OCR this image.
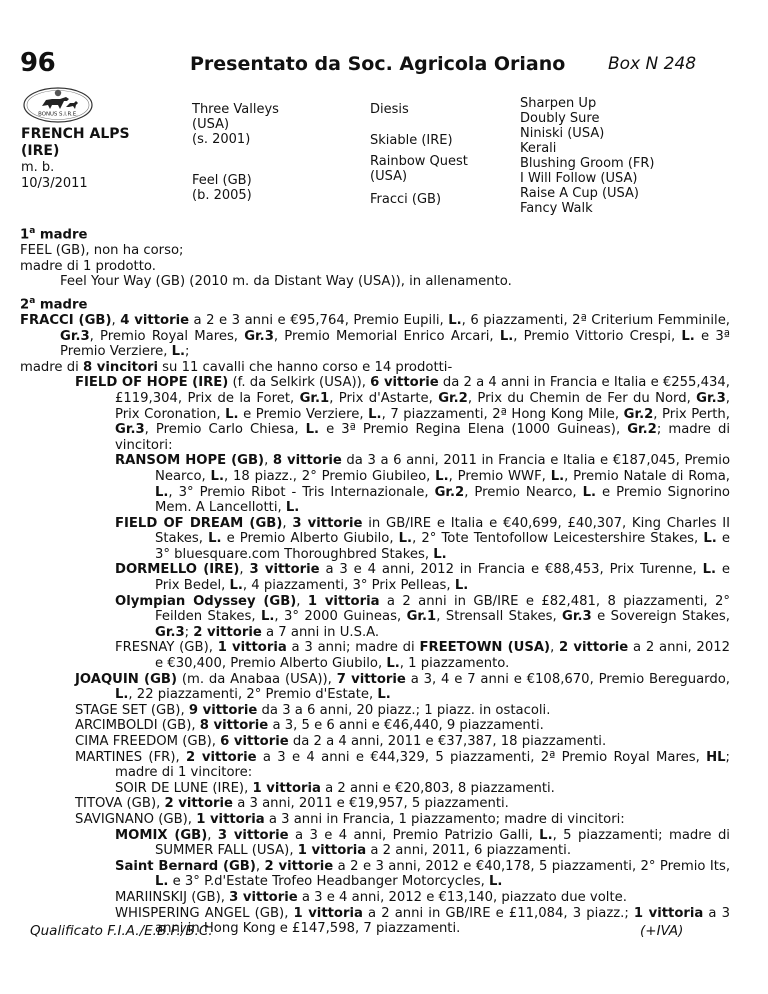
96	Presentato da Soc. Agricola Oriano	Box N 248
BONUS S.I.R.E.
FRENCH ALPS
(IRE)
m. b.
10/3/2011
Three Valleys
(USA)
(s. 2001)
Feel (GB)
(b. 2005)
Diesis
Skiable (IRE)
Rainbow Quest
(USA)
Fracci (GB)
Sharpen Up
Doubly Sure
Niniski (USA)
Kerali
Blushing Groom (FR)
I Will Follow (USA)
Raise A Cup (USA)
Fancy Walk
1$^a$ madre
FEEL (GB), non ha corso;
madre di 1 prodotto.
Feel Your Way (GB) (2010 m. da Distant Way (USA)), in allenamento.
2$^a$ madre
FRACCI (GB), 4 vittorie a 2 e 3 anni e €95,764, Premio Eupili, L., 6 piazzamenti, 2ª Criterium Femminile, Gr.3, Premio Royal Mares, Gr.3, Premio Memorial Enrico Arcari, L., Premio Vittorio Crespi, L. e 3ª Premio Verziere, L.;
madre di 8 vincitori su 11 cavalli che hanno corso e 14 prodotti-
FIELD OF HOPE (IRE) (f. da Selkirk (USA)), 6 vittorie da 2 a 4 anni in Francia e Italia e €255,434, £119,304, Prix de la Foret, Gr.1, Prix d'Astarte, Gr.2, Prix du Chemin de Fer du Nord, Gr.3, Prix Coronation, L. e Premio Verziere, L., 7 piazzamenti, 2ª Hong Kong Mile, Gr.2, Prix Perth, Gr.3, Premio Carlo Chiesa, L. e 3ª Premio Regina Elena (1000 Guineas), Gr.2; madre di vincitori:
RANSOM HOPE (GB), 8 vittorie da 3 a 6 anni, 2011 in Francia e Italia e €187,045, Premio Nearco, L., 18 piazz., 2° Premio Giubileo, L., Premio WWF, L., Premio Natale di Roma, L., 3° Premio Ribot - Tris Internazionale, Gr.2, Premio Nearco, L. e Premio Signorino Mem. A Lancellotti, L.
FIELD OF DREAM (GB), 3 vittorie in GB/IRE e Italia e €40,699, £40,307, King Charles II Stakes, L. e Premio Alberto Giubilo, L., 2° Tote Tentofollow Leicestershire Stakes, L. e 3° bluesquare.com Thoroughbred Stakes, L.
DORMELLO (IRE), 3 vittorie a 3 e 4 anni, 2012 in Francia e €88,453, Prix Turenne, L. e Prix Bedel, L., 4 piazzamenti, 3° Prix Pelleas, L.
Olympian Odyssey (GB), 1 vittoria a 2 anni in GB/IRE e £82,481, 8 piazzamenti, 2° Feilden Stakes, L., 3° 2000 Guineas, Gr.1, Strensall Stakes, Gr.3 e Sovereign Stakes, Gr.3; 2 vittorie a 7 anni in U.S.A.
FRESNAY (GB), 1 vittoria a 3 anni; madre di FREETOWN (USA), 2 vittorie a 2 anni, 2012 e €30,400, Premio Alberto Giubilo, L., 1 piazzamento.
JOAQUIN (GB) (m. da Anabaa (USA)), 7 vittorie a 3, 4 e 7 anni e €108,670, Premio Bereguardo, L., 22 piazzamenti, 2° Premio d'Estate, L.
STAGE SET (GB), 9 vittorie da 3 a 6 anni, 20 piazz.; 1 piazz. in ostacoli.
ARCIMBOLDI (GB), 8 vittorie a 3, 5 e 6 anni e €46,440, 9 piazzamenti.
CIMA FREEDOM (GB), 6 vittorie da 2 a 4 anni, 2011 e €37,387, 18 piazzamenti.
MARTINES (FR), 2 vittorie a 3 e 4 anni e €44,329, 5 piazzamenti, 2ª Premio Royal Mares, HL; madre di 1 vincitore:
SOIR DE LUNE (IRE), 1 vittoria a 2 anni e €20,803, 8 piazzamenti.
TITOVA (GB), 2 vittorie a 3 anni, 2011 e €19,957, 5 piazzamenti.
SAVIGNANO (GB), 1 vittoria a 3 anni in Francia, 1 piazzamento; madre di vincitori:
MOMIX (GB), 3 vittorie a 3 e 4 anni, Premio Patrizio Galli, L., 5 piazzamenti; madre di SUMMER FALL (USA), 1 vittoria a 2 anni, 2011, 6 piazzamenti.
Saint Bernard (GB), 2 vittorie a 2 e 3 anni, 2012 e €40,178, 5 piazzamenti, 2° Premio Its, L. e 3° P.d'Estate Trofeo Headbanger Motorcycles, L.
MARIINSKIJ (GB), 3 vittorie a 3 e 4 anni, 2012 e €13,140, piazzato due volte.
WHISPERING ANGEL (GB), 1 vittoria a 2 anni in GB/IRE e £11,084, 3 piazz.; 1 vittoria a 3 anni in Hong Kong e £147,598, 7 piazzamenti.
Qualificato F.I.A./E.B.F./B.C.	(+IVA)
